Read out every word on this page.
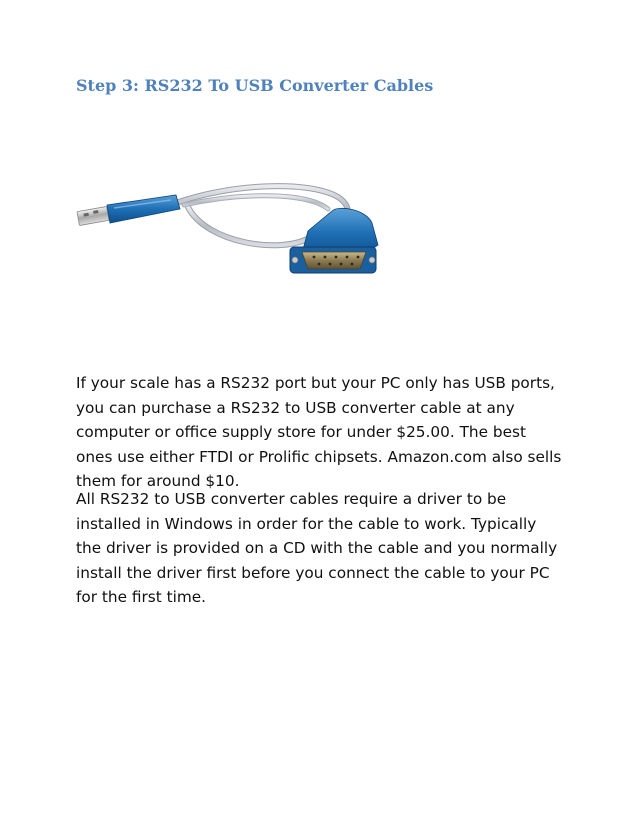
Step 3: RS232 To USB Converter Cables

If your scale has a RS232 port but your PC only has USB ports, you can purchase a RS232 to USB converter cable at any computer or office supply store for under $25.00. The best ones use either FTDI or Prolific chipsets. Amazon.com also sells them for around $10.

All RS232 to USB converter cables require a driver to be installed in Windows in order for the cable to work. Typically the driver is provided on a CD with the cable and you normally install the driver first before you connect the cable to your PC for the first time.
